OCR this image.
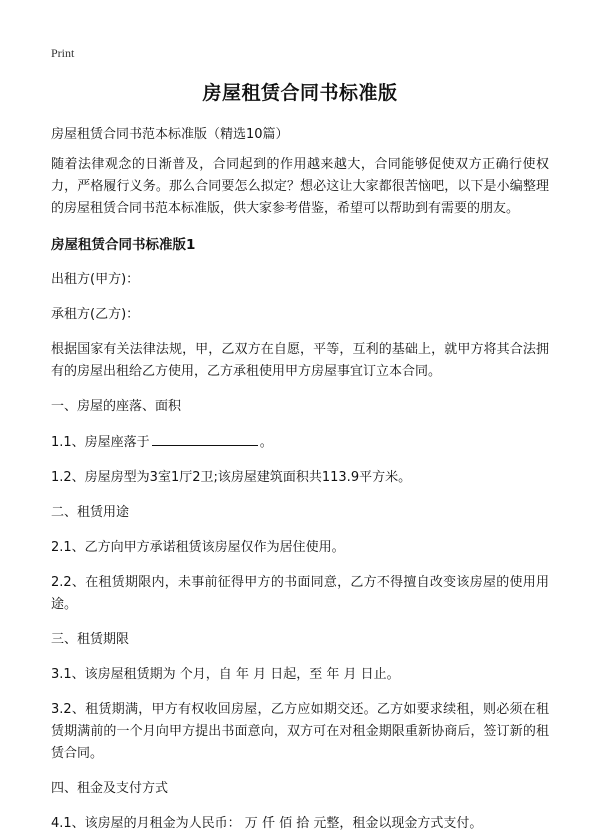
Print
房屋租赁合同书标准版

房屋租赁合同书范本标准版（精选10篇）

随着法律观念的日渐普及，合同起到的作用越来越大，合同能够促使双方正确行使权力，严格履行义务。那么合同要怎么拟定？想必这让大家都很苦恼吧，以下是小编整理的房屋租赁合同书范本标准版，供大家参考借鉴，希望可以帮助到有需要的朋友。

房屋租赁合同书标准版1

出租方(甲方)：

承租方(乙方)：

根据国家有关法律法规，甲，乙双方在自愿，平等，互利的基础上，就甲方将其合法拥有的房屋出租给乙方使用，乙方承租使用甲方房屋事宜订立本合同。

一、房屋的座落、面积

1.1、房屋座落于	。

1.2、房屋房型为3室1厅2卫;该房屋建筑面积共113.9平方米。

二、租赁用途

2.1、乙方向甲方承诺租赁该房屋仅作为居住使用。

2.2、在租赁期限内，未事前征得甲方的书面同意，乙方不得擅自改变该房屋的使用用途。

三、租赁期限

3.1、该房屋租赁期为 个月，自 年 月 日起，至 年 月 日止。

3.2、租赁期满，甲方有权收回房屋，乙方应如期交还。乙方如要求续租，则必须在租赁期满前的一个月向甲方提出书面意向，双方可在对租金期限重新协商后，签订新的租赁合同。

四、租金及支付方式

4.1、该房屋的月租金为人民币： 万 仟 佰 拾 元整，租金以现金方式支付。
